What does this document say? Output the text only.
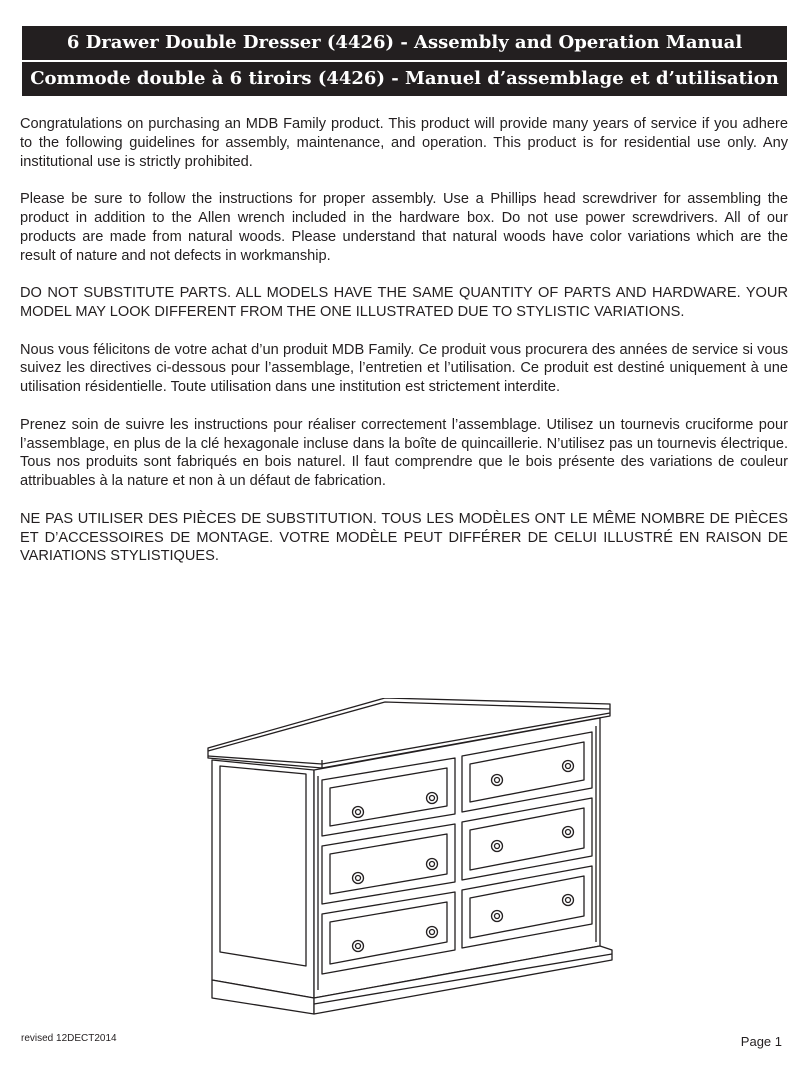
6 Drawer Double Dresser (4426) - Assembly and Operation Manual
Commode double à 6 tiroirs (4426) - Manuel d’assemblage et d’utilisation

Congratulations on purchasing an MDB Family product. This product will provide many years of service if you adhere to the following guidelines for assembly, maintenance, and operation. This product is for residential use only. Any institutional use is strictly prohibited.

Please be sure to follow the instructions for proper assembly. Use a Phillips head screwdriver for assembling the product in addition to the Allen wrench included in the hardware box. Do not use power screwdrivers. All of our products are made from natural woods. Please understand that natural woods have color variations which are the result of nature and not defects in workmanship.

DO NOT SUBSTITUTE PARTS. ALL MODELS HAVE THE SAME QUANTITY OF PARTS AND HARDWARE. YOUR MODEL MAY LOOK DIFFERENT FROM THE ONE ILLUSTRATED DUE TO STYLISTIC VARIATIONS.

Nous vous félicitons de votre achat d’un produit MDB Family. Ce produit vous procurera des années de service si vous suivez les directives ci-dessous pour l’assemblage, l’entretien et l’utilisation. Ce produit est destiné uniquement à une utilisation résidentielle. Toute utilisation dans une institution est strictement interdite.

Prenez soin de suivre les instructions pour réaliser correctement l’assemblage. Utilisez un tournevis cruciforme pour l’assemblage, en plus de la clé hexagonale incluse dans la boîte de quincaillerie. N’utilisez pas un tournevis électrique. Tous nos produits sont fabriqués en bois naturel. Il faut comprendre que le bois présente des variations de couleur attribuables à la nature et non à un défaut de fabrication.

NE PAS UTILISER DES PIÈCES DE SUBSTITUTION. TOUS LES MODÈLES ONT LE MÊME NOMBRE DE PIÈCES ET D’ACCESSOIRES DE MONTAGE. VOTRE MODÈLE PEUT DIFFÉRER DE CELUI ILLUSTRÉ EN RAISON DE VARIATIONS STYLISTIQUES.

revised 12DECT2014	Page 1
